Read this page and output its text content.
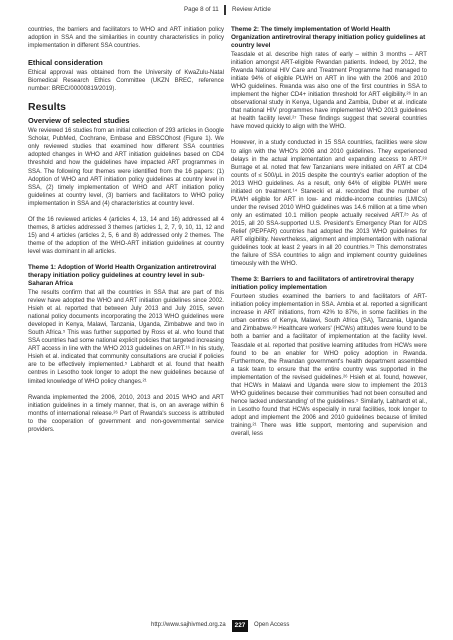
Page 8 of 11 Review Article

countries, the barriers and facilitators to WHO and ART initiation policy adoption in SSA and the similarities in country characteristics in policy implementation in different SSA countries.

Ethical consideration

Ethical approval was obtained from the University of KwaZulu-Natal Biomedical Research Ethics Committee (UKZN BREC, reference number: BREC/00000819/2019).

Results
Overview of selected studies

We reviewed 16 studies from an initial collection of 293 articles in Google Scholar, PubMed, Cochrane, Embase and EBSCOhost (Figure 1). We only reviewed studies that examined how different SSA countries adopted changes in WHO and ART initiation guidelines based on CD4 threshold and how the guidelines have impacted ART programmes in SSA. The following four themes were identified from the 16 papers: (1) Adoption of WHO and ART initiation policy guidelines at country level in SSA, (2) timely implementation of WHO and ART initiation policy guidelines at country level, (3) barriers and facilitators to WHO policy implementation in SSA and (4) characteristics at country level.

Of the 16 reviewed articles 4 (articles 4, 13, 14 and 16) addressed all 4 themes, 8 articles addressed 3 themes (articles 1, 2, 7, 9, 10, 11, 12 and 15) and 4 articles (articles 2, 5, 6 and 8) addressed only 2 themes. The theme of the adoption of the WHO-ART initiation guidelines at country level was dominant in all articles.

Theme 1: Adoption of World Health Organization antiretroviral therapy initiation policy guidelines at country level in sub-Saharan Africa

The results confirm that all the countries in SSA that are part of this review have adopted the WHO and ART initiation guidelines since 2002. Hsieh et al. reported that between July 2013 and July 2015, seven national policy documents incorporating the 2013 WHO guidelines were developed in Kenya, Malawi, Tanzania, Uganda, Zimbabwe and two in South Africa.⁵ This was further supported by Ross et al. who found that SSA countries had some national explicit policies that targeted increasing ART access in line with the WHO 2013 guidelines on ART.¹⁶ In his study, Hsieh et al. indicated that community consultations are crucial if policies are to be effectively implemented.⁵ Labhardt et al. found that health centres in Lesotho took longer to adopt the new guidelines because of limited knowledge of WHO policy changes.²¹

Rwanda implemented the 2006, 2010, 2013 and 2015 WHO and ART initiation guidelines in a timely manner, that is, on an average within 6 months of international release.²⁶ Part of Rwanda's success is attributed to the cooperation of government and non-governmental service providers.

Theme 2: The timely implementation of World Health Organization antiretroviral therapy initiation policy guidelines at country level

Teasdale et al. describe high rates of early – within 3 months – ART initiation amongst ART-eligible Rwandan patients. Indeed, by 2012, the Rwanda National HIV Care and Treatment Programme had managed to initiate 94% of eligible PLWH on ART in line with the 2006 and 2010 WHO guidelines. Rwanda was also one of the first countries in SSA to implement the higher CD4+ initiation threshold for ART eligibility.²⁶ In an observational study in Kenya, Uganda and Zambia, Duber et al. indicate that national HIV programmes have implemented WHO 2013 guidelines at health facility level.²⁷ These findings suggest that several countries have moved quickly to align with the WHO.

However, in a study conducted in 15 SSA countries, facilities were slow to align with the WHO's 2006 and 2010 guidelines. They experienced delays in the actual implementation and expanding access to ART.²⁸ Burrage et al. noted that few Tanzanians were initiated on ART at CD4 counts of ≤ 500/µL in 2015 despite the country's earlier adoption of the 2013 WHO guidelines. As a result, only 64% of eligible PLWH were initiated on treatment.¹⁴ Stanecki et al. recorded that the number of PLWH eligible for ART in low- and middle-income countries (LMICs) under the revised 2010 WHO guidelines was 14.6 million at a time when only an estimated 10.1 million people actually received ART.²⁵ As of 2015, all 20 SSA-supported U.S. President's Emergency Plan for AIDS Relief (PEPFAR) countries had adopted the 2013 WHO guidelines for ART eligibility. Nevertheless, alignment and implementation with national guidelines took at least 2 years in all 20 countries.¹⁵ This demonstrates the failure of SSA countries to align and implement country guidelines timeously with the WHO.

Theme 3: Barriers to and facilitators of antiretroviral therapy initiation policy implementation

Fourteen studies examined the barriers to and facilitators of ART-initiation policy implementation in SSA. Ambia et al. reported a significant increase in ART initiations, from 42% to 87%, in some facilities in the urban centres of Kenya, Malawi, South Africa (SA), Tanzania, Uganda and Zimbabwe.²³ Healthcare workers' (HCWs) attitudes were found to be both a barrier and a facilitator of implementation at the facility level. Teasdale et al. reported that positive learning attitudes from HCWs were found to be an enabler for WHO policy adoption in Rwanda. Furthermore, the Rwandan government's health department assembled a task team to ensure that the entire country was supported in the implementation of the revised guidelines.²⁶ Hsieh et al. found, however, that HCWs in Malawi and Uganda were slow to implement the 2013 WHO guidelines because their communities 'had not been consulted and hence lacked understanding' of the guidelines.⁵ Similarly, Labhardt et al., in Lesotho found that HCWs especially in rural facilities, took longer to adopt and implement the 2006 and 2010 guidelines because of limited training.²¹ There was little support, mentoring and supervision and overall, less

http://www.sajhivmed.org.za	227	Open Access
